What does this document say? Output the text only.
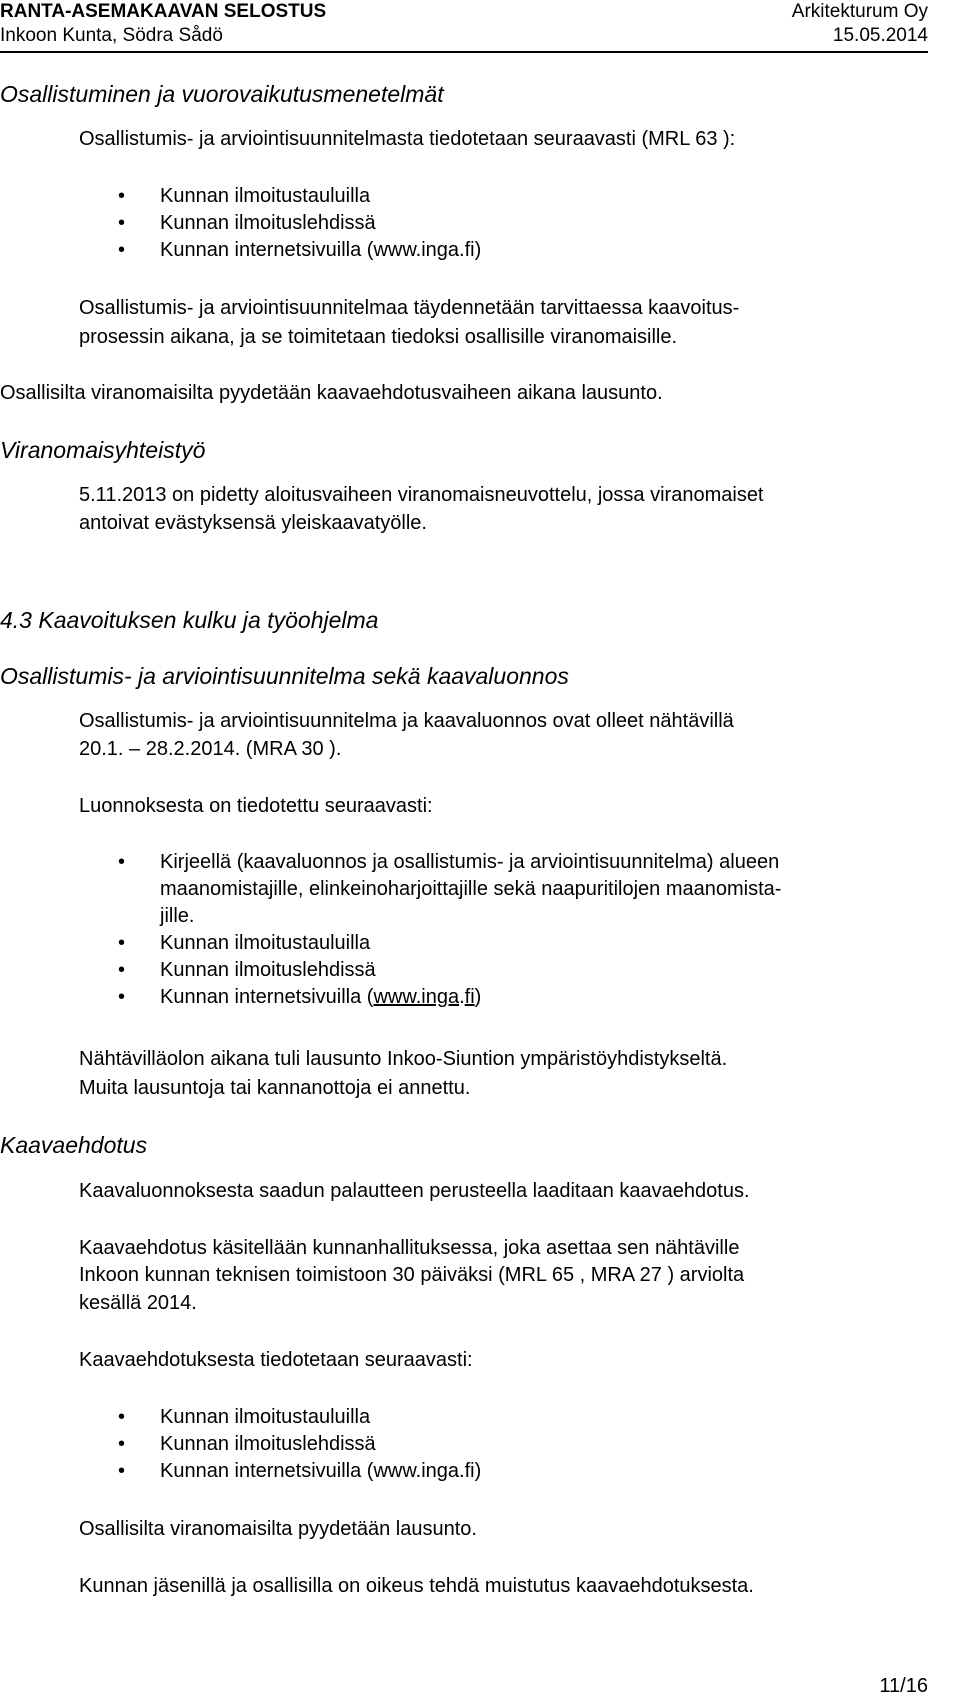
RANTA-ASEMAKAAVAN SELOSTUS	Arkitekturum Oy
Inkoon Kunta, Södra Sådö	15.05.2014
Osallistuminen ja vuorovaikutusmenetelmät
Osallistumis- ja arviointisuunnitelmasta tiedotetaan seuraavasti (MRL 63 ):
• Kunnan ilmoitustauluilla
• Kunnan ilmoituslehdissä
• Kunnan internetsivuilla (www.inga.fi)
Osallistumis- ja arviointisuunnitelmaa täydennetään tarvittaessa kaavoitus-
prosessin aikana, ja se toimitetaan tiedoksi osallisille viranomaisille.
Osallisilta viranomaisilta pyydetään kaavaehdotusvaiheen aikana lausunto.
Viranomaisyhteistyö
5.11.2013 on pidetty aloitusvaiheen viranomaisneuvottelu, jossa viranomaiset
antoivat evästyksensä yleiskaavatyölle.
4.3 Kaavoituksen kulku ja työohjelma
Osallistumis- ja arviointisuunnitelma sekä kaavaluonnos
Osallistumis- ja arviointisuunnitelma ja kaavaluonnos ovat olleet nähtävillä
20.1. – 28.2.2014. (MRA 30 ).
Luonnoksesta on tiedotettu seuraavasti:
• Kirjeellä (kaavaluonnos ja osallistumis- ja arviointisuunnitelma) alueen
maanomistajille, elinkeinoharjoittajille sekä naapuritilojen maanomista-
jille.
• Kunnan ilmoitustauluilla
• Kunnan ilmoituslehdissä
• Kunnan internetsivuilla (www.inga.fi)
Nähtävilläolon aikana tuli lausunto Inkoo-Siuntion ympäristöyhdistykseltä.
Muita lausuntoja tai kannanottoja ei annettu.
Kaavaehdotus
Kaavaluonnoksesta saadun palautteen perusteella laaditaan kaavaehdotus.
Kaavaehdotus käsitellään kunnanhallituksessa, joka asettaa sen nähtäville
Inkoon kunnan teknisen toimistoon 30 päiväksi (MRL 65 , MRA 27 ) arviolta
kesällä 2014.
Kaavaehdotuksesta tiedotetaan seuraavasti:
• Kunnan ilmoitustauluilla
• Kunnan ilmoituslehdissä
• Kunnan internetsivuilla (www.inga.fi)
Osallisilta viranomaisilta pyydetään lausunto.
Kunnan jäsenillä ja osallisilla on oikeus tehdä muistutus kaavaehdotuksesta.
11/16
